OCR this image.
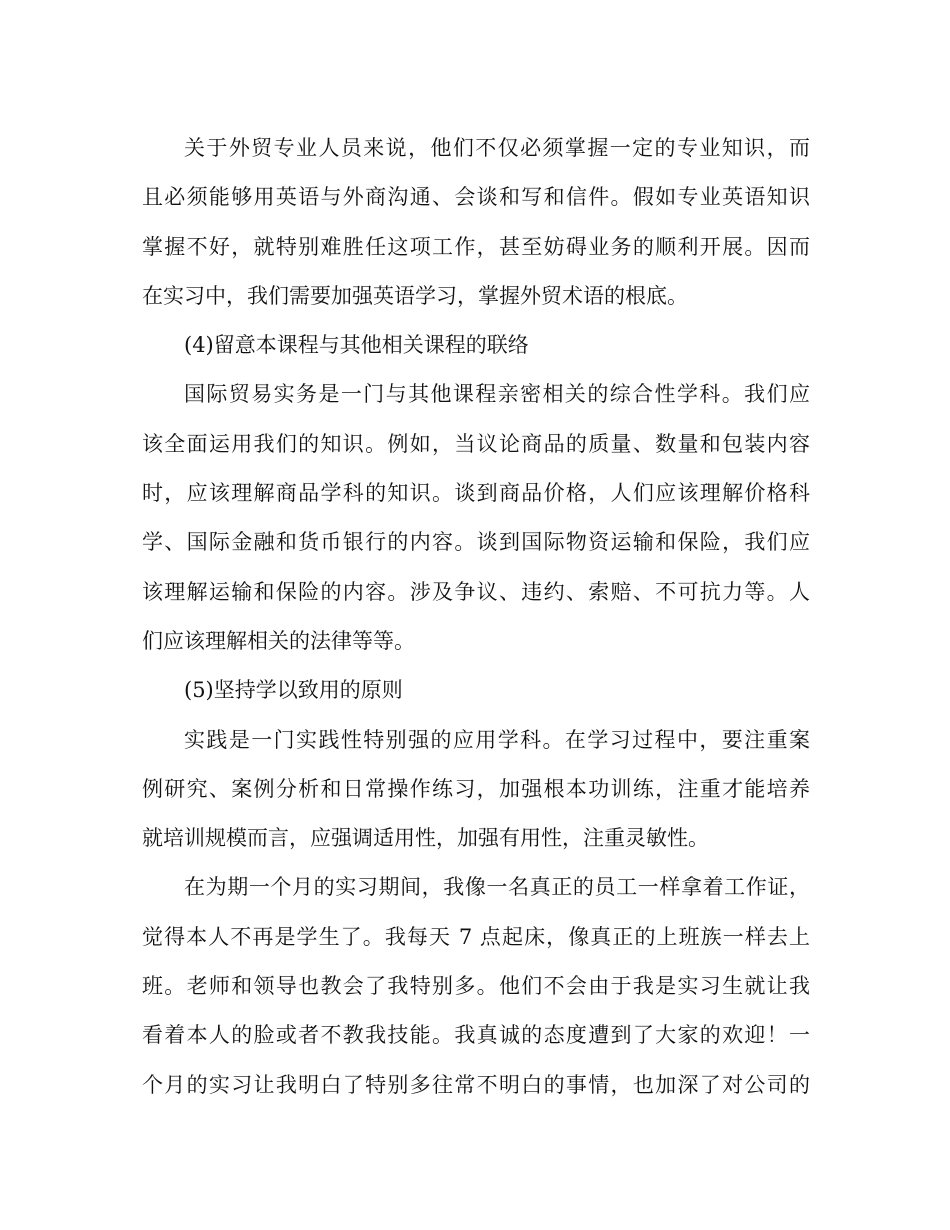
关于外贸专业人员来说，他们不仅必须掌握一定的专业知识，而
且必须能够用英语与外商沟通、会谈和写和信件。假如专业英语知识
掌握不好，就特别难胜任这项工作，甚至妨碍业务的顺利开展。因而
在实习中，我们需要加强英语学习，掌握外贸术语的根底。
(4)留意本课程与其他相关课程的联络
国际贸易实务是一门与其他课程亲密相关的综合性学科。我们应
该全面运用我们的知识。例如，当议论商品的质量、数量和包装内容
时，应该理解商品学科的知识。谈到商品价格，人们应该理解价格科
学、国际金融和货币银行的内容。谈到国际物资运输和保险，我们应
该理解运输和保险的内容。涉及争议、违约、索赔、不可抗力等。人
们应该理解相关的法律等等。
(5)坚持学以致用的原则
实践是一门实践性特别强的应用学科。在学习过程中，要注重案
例研究、案例分析和日常操作练习，加强根本功训练，注重才能培养
就培训规模而言，应强调适用性，加强有用性，注重灵敏性。
在为期一个月的实习期间，我像一名真正的员工一样拿着工作证，
觉得本人不再是学生了。我每天 7 点起床，像真正的上班族一样去上
班。老师和领导也教会了我特别多。他们不会由于我是实习生就让我
看着本人的脸或者不教我技能。我真诚的态度遭到了大家的欢迎！一
个月的实习让我明白了特别多往常不明白的事情，也加深了对公司的
